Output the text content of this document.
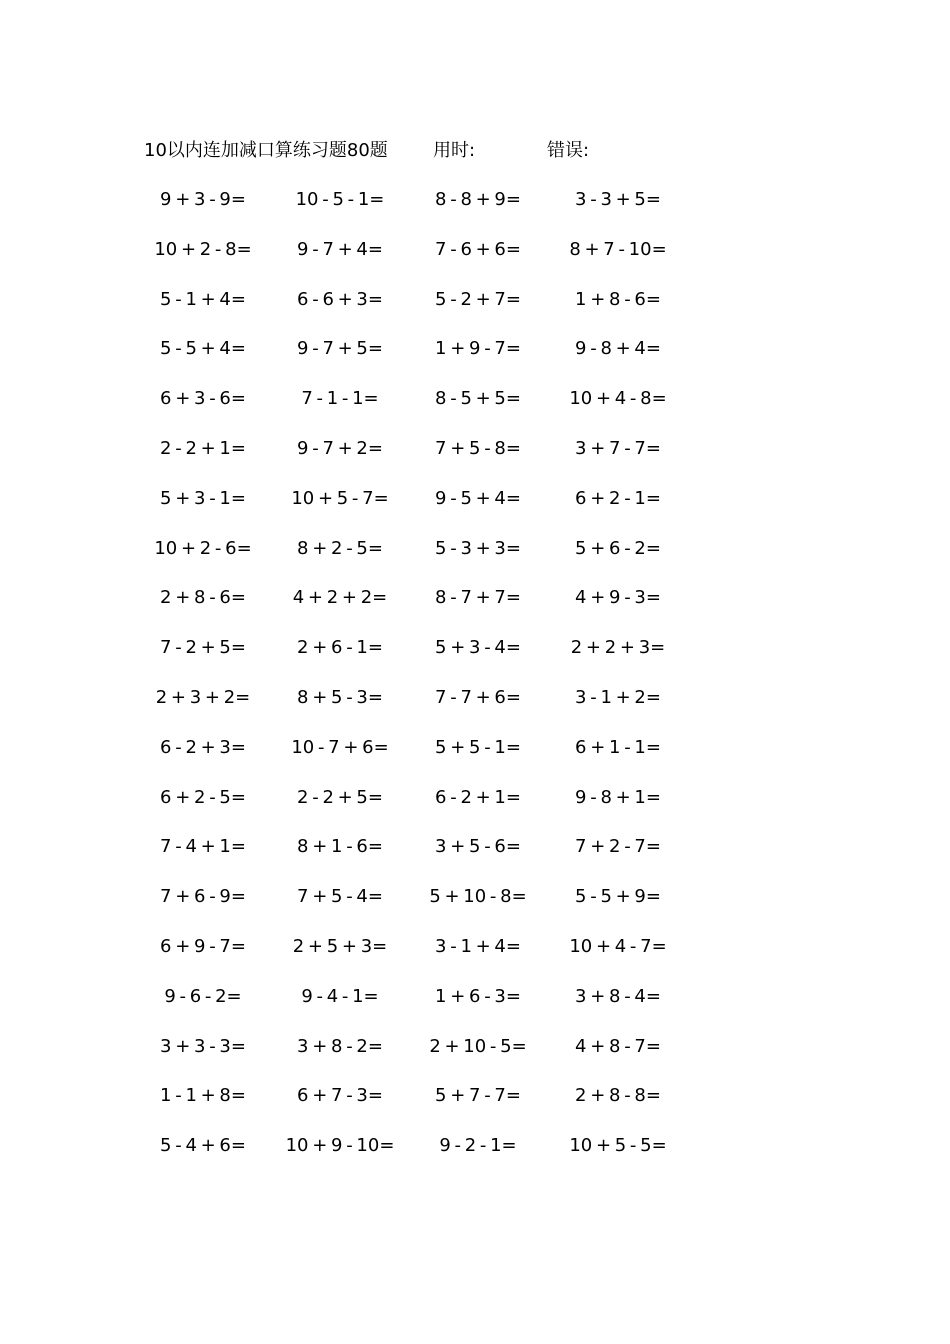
10以内连加减口算练习题80题	用时:	错误:
9 + 3 - 9=	10 - 5 - 1=	8 - 8 + 9=	3 - 3 + 5=
10 + 2 - 8=	9 - 7 + 4=	7 - 6 + 6=	8 + 7 - 10=
5 - 1 + 4=	6 - 6 + 3=	5 - 2 + 7=	1 + 8 - 6=
5 - 5 + 4=	9 - 7 + 5=	1 + 9 - 7=	9 - 8 + 4=
6 + 3 - 6=	7 - 1 - 1=	8 - 5 + 5=	10 + 4 - 8=
2 - 2 + 1=	9 - 7 + 2=	7 + 5 - 8=	3 + 7 - 7=
5 + 3 - 1=	10 + 5 - 7=	9 - 5 + 4=	6 + 2 - 1=
10 + 2 - 6=	8 + 2 - 5=	5 - 3 + 3=	5 + 6 - 2=
2 + 8 - 6=	4 + 2 + 2=	8 - 7 + 7=	4 + 9 - 3=
7 - 2 + 5=	2 + 6 - 1=	5 + 3 - 4=	2 + 2 + 3=
2 + 3 + 2=	8 + 5 - 3=	7 - 7 + 6=	3 - 1 + 2=
6 - 2 + 3=	10 - 7 + 6=	5 + 5 - 1=	6 + 1 - 1=
6 + 2 - 5=	2 - 2 + 5=	6 - 2 + 1=	9 - 8 + 1=
7 - 4 + 1=	8 + 1 - 6=	3 + 5 - 6=	7 + 2 - 7=
7 + 6 - 9=	7 + 5 - 4=	5 + 10 - 8=	5 - 5 + 9=
6 + 9 - 7=	2 + 5 + 3=	3 - 1 + 4=	10 + 4 - 7=
9 - 6 - 2=	9 - 4 - 1=	1 + 6 - 3=	3 + 8 - 4=
3 + 3 - 3=	3 + 8 - 2=	2 + 10 - 5=	4 + 8 - 7=
1 - 1 + 8=	6 + 7 - 3=	5 + 7 - 7=	2 + 8 - 8=
5 - 4 + 6=	10 + 9 - 10=	9 - 2 - 1=	10 + 5 - 5=
